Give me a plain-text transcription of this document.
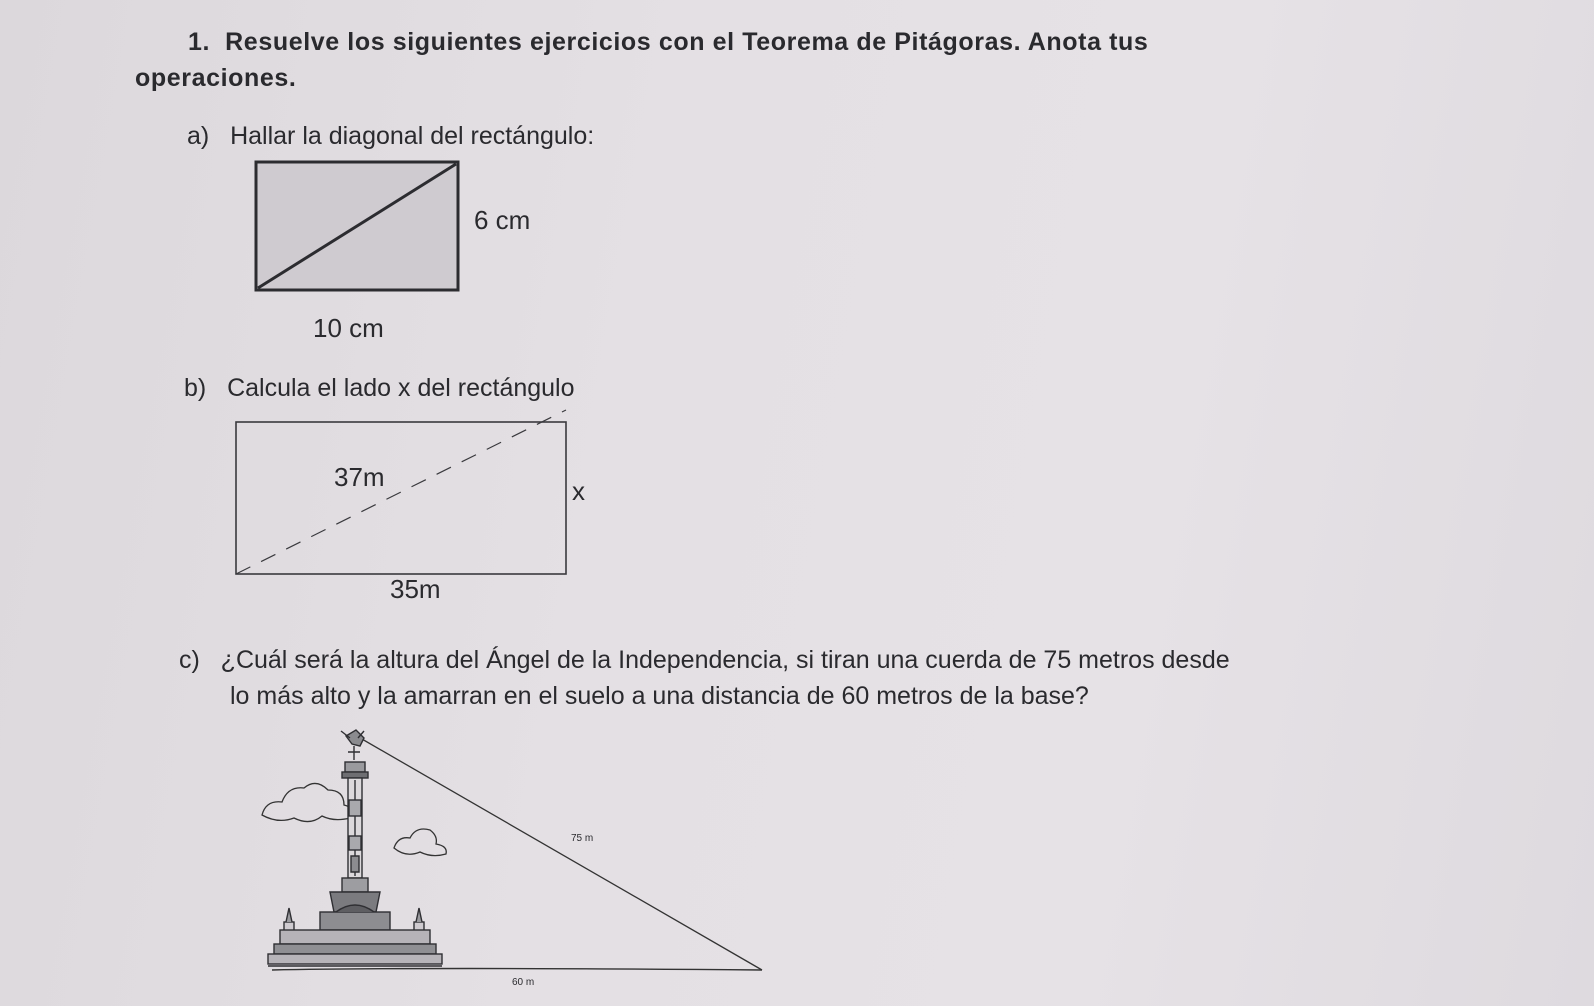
1. Resuelve los siguientes ejercicios con el Teorema de Pitágoras. Anota tus
operaciones.
a) Hallar la diagonal del rectángulo:
6 cm
10 cm
b) Calcula el lado x del rectángulo
37m	x
35m
c) ¿Cuál será la altura del Ángel de la Independencia, si tiran una cuerda de 75 metros desde
lo más alto y la amarran en el suelo a una distancia de 60 metros de la base?
75 m
60 m
